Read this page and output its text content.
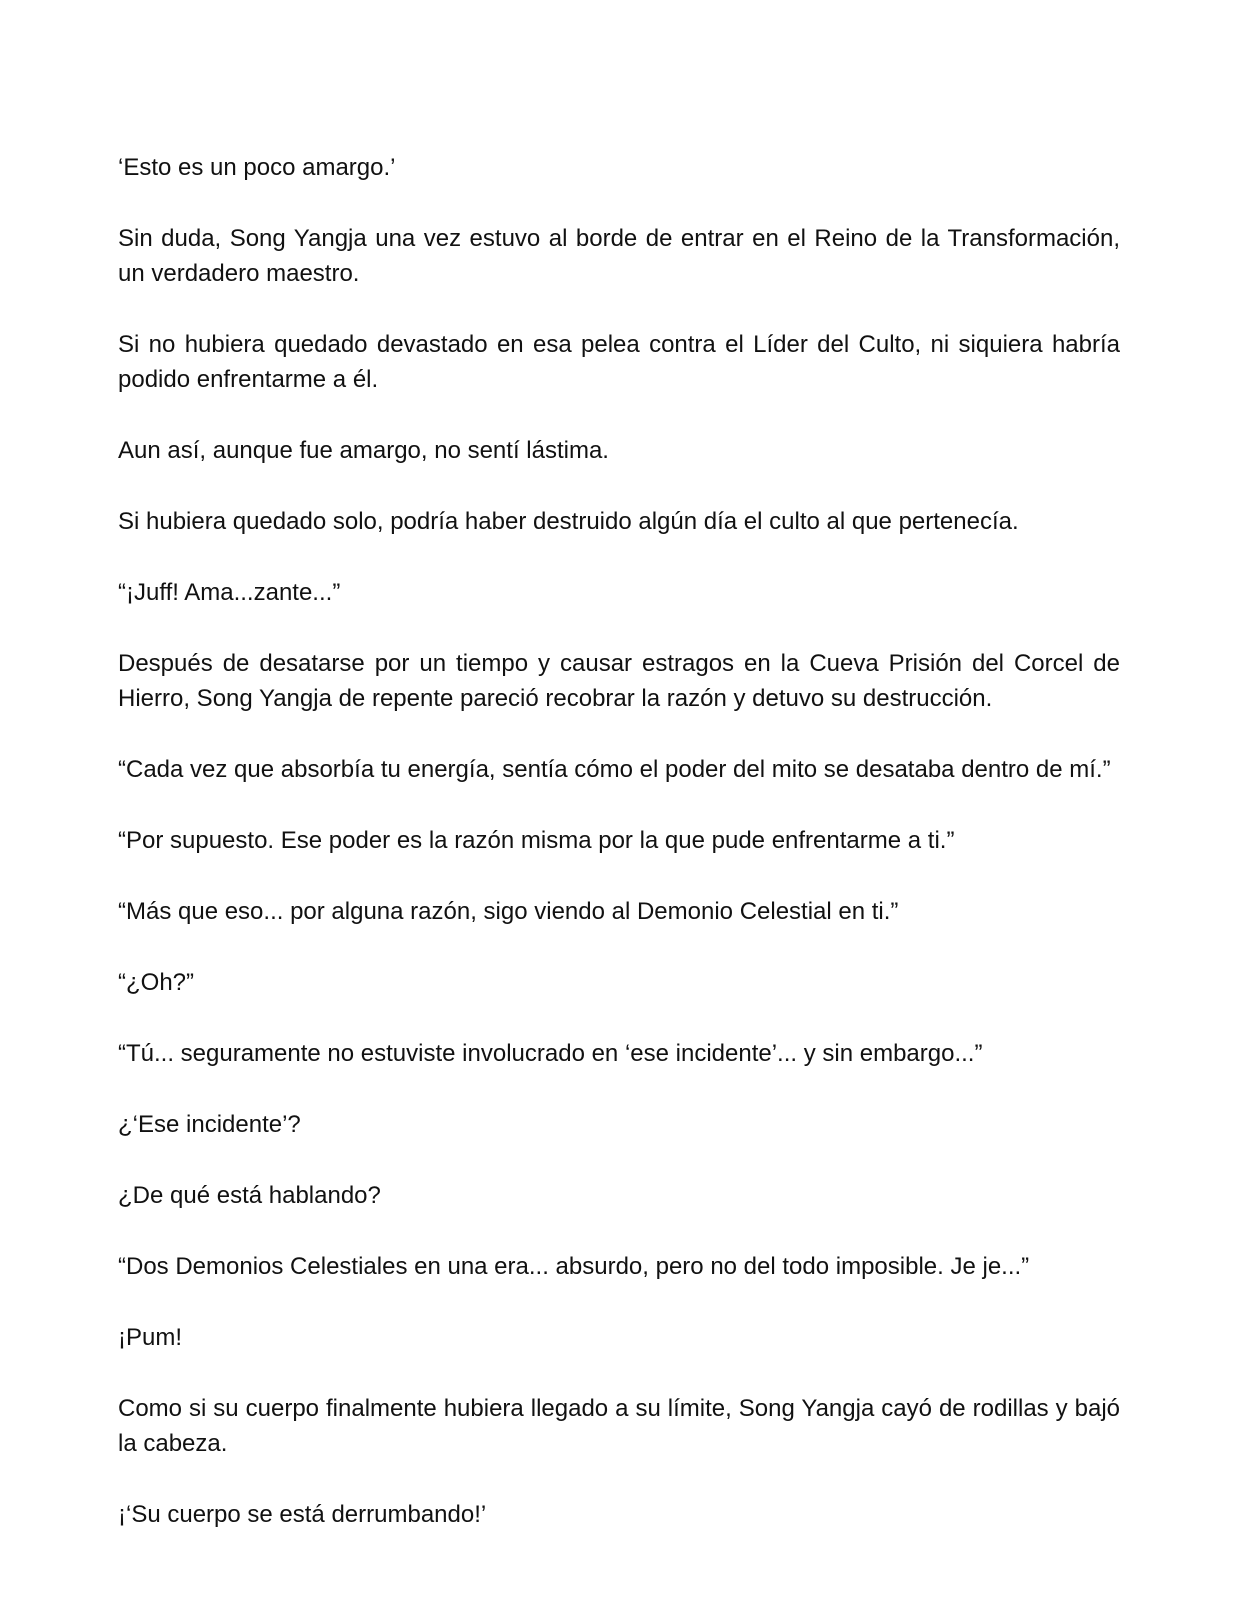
‘Esto es un poco amargo.’

Sin duda, Song Yangja una vez estuvo al borde de entrar en el Reino de la Transformación, un verdadero maestro.

Si no hubiera quedado devastado en esa pelea contra el Líder del Culto, ni siquiera habría podido enfrentarme a él.

Aun así, aunque fue amargo, no sentí lástima.

Si hubiera quedado solo, podría haber destruido algún día el culto al que pertenecía.

“¡Juff! Ama...zante...”

Después de desatarse por un tiempo y causar estragos en la Cueva Prisión del Corcel de Hierro, Song Yangja de repente pareció recobrar la razón y detuvo su destrucción.

“Cada vez que absorbía tu energía, sentía cómo el poder del mito se desataba dentro de mí.”

“Por supuesto. Ese poder es la razón misma por la que pude enfrentarme a ti.”

“Más que eso... por alguna razón, sigo viendo al Demonio Celestial en ti.”

“¿Oh?”

“Tú... seguramente no estuviste involucrado en ‘ese incidente’... y sin embargo...”

¿‘Ese incidente’?

¿De qué está hablando?

“Dos Demonios Celestiales en una era... absurdo, pero no del todo imposible. Je je...”

¡Pum!

Como si su cuerpo finalmente hubiera llegado a su límite, Song Yangja cayó de rodillas y bajó la cabeza.

¡‘Su cuerpo se está derrumbando!’
